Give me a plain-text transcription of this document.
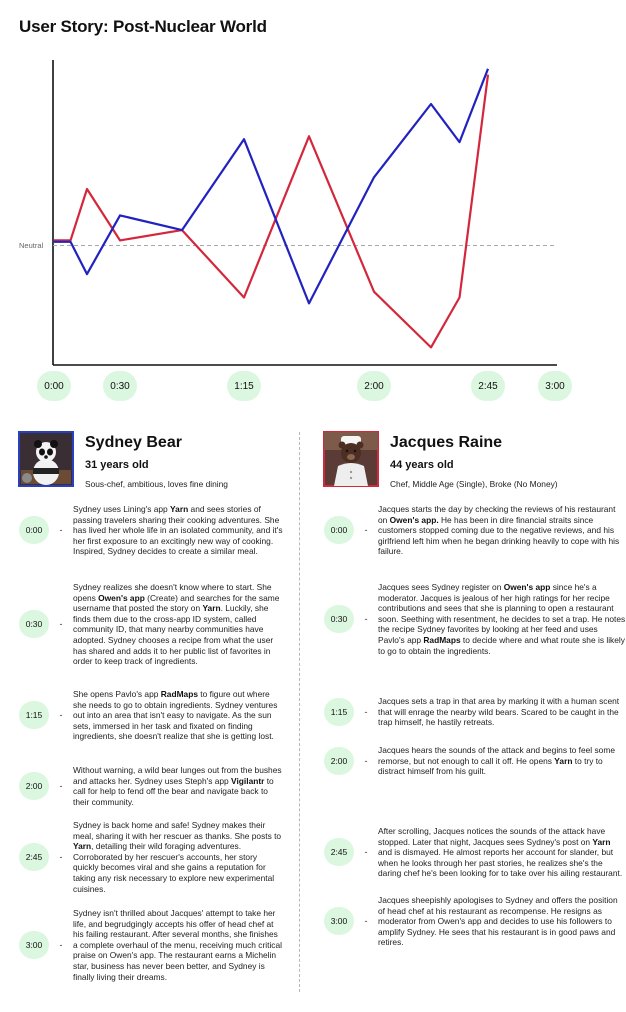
User Story: Post-Nuclear World
Neutral
0:00	0:30	1:15	2:00	2:45	3:00
Sydney Bear
31 years old
Sous-chef, ambitious, loves fine dining
Jacques Raine
44 years old
Chef, Middle Age (Single), Broke (No Money)
0:00	-
Sydney uses Lining's app Yarn and sees stories of passing travelers sharing their cooking adventures. She has lived her whole life in an isolated community, and it's her first exposure to an excitingly new way of cooking. Inspired, Sydney decides to create a similar meal.
0:30	-
Sydney realizes she doesn't know where to start. She opens Owen's app (Create) and searches for the same username that posted the story on Yarn. Luckily, she finds them due to the cross-app ID system, called community ID, that many nearby communities have adopted. Sydney chooses a recipe from what the user has shared and adds it to her public list of favorites in order to keep track of ingredients.
1:15	-
She opens Pavlo's app RadMaps to figure out where she needs to go to obtain ingredients. Sydney ventures out into an area that isn't easy to navigate. As the sun sets, immersed in her task and fixated on finding ingredients, she doesn't realize that she is getting lost.
2:00	-
Without warning, a wild bear lunges out from the bushes and attacks her. Sydney uses Steph's app Vigilantr to call for help to fend off the bear and navigate back to their community.
2:45	-
Sydney is back home and safe! Sydney makes their meal, sharing it with her rescuer as thanks. She posts to Yarn, detailing their wild foraging adventures. Corroborated by her rescuer's accounts, her story quickly becomes viral and she gains a reputation for taking any risk necessary to explore new experimental cuisines.
3:00	-
Sydney isn't thrilled about Jacques' attempt to take her life, and begrudgingly accepts his offer of head chef at his failing restaurant. After several months, she finishes a complete overhaul of the menu, receiving much critical praise on Owen's app. The restaurant earns a Michelin star, business has never been better, and Sydney is finally living their dreams.
0:00	-
Jacques starts the day by checking the reviews of his restaurant on Owen's app. He has been in dire financial straits since customers stopped coming due to the negative reviews, and his girlfriend left him when he began drinking heavily to cope with his failure.
0:30	-
Jacques sees Sydney register on Owen's app since he's a moderator. Jacques is jealous of her high ratings for her recipe contributions and sees that she is planning to open a restaurant soon. Seething with resentment, he decides to set a trap. He notes the recipe Sydney favorites by looking at her feed and uses Pavlo's app RadMaps to decide where and what route she is likely to go to obtain the ingredients.
1:15	-
Jacques sets a trap in that area by marking it with a human scent that will enrage the nearby wild bears. Scared to be caught in the trap himself, he hastily retreats.
2:00	-
Jacques hears the sounds of the attack and begins to feel some remorse, but not enough to call it off. He opens Yarn to try to distract himself from his guilt.
2:45	-
After scrolling, Jacques notices the sounds of the attack have stopped. Later that night, Jacques sees Sydney's post on Yarn and is dismayed. He almost reports her account for slander, but when he looks through her past stories, he realizes she's the daring chef he's been looking for to take over his ailing restaurant.
3:00	-
Jacques sheepishly apologises to Sydney and offers the position of head chef at his restaurant as recompense. He resigns as moderator from Owen's app and decides to use his followers to amplify Sydney. He sees that his restaurant is in good paws and retires.
